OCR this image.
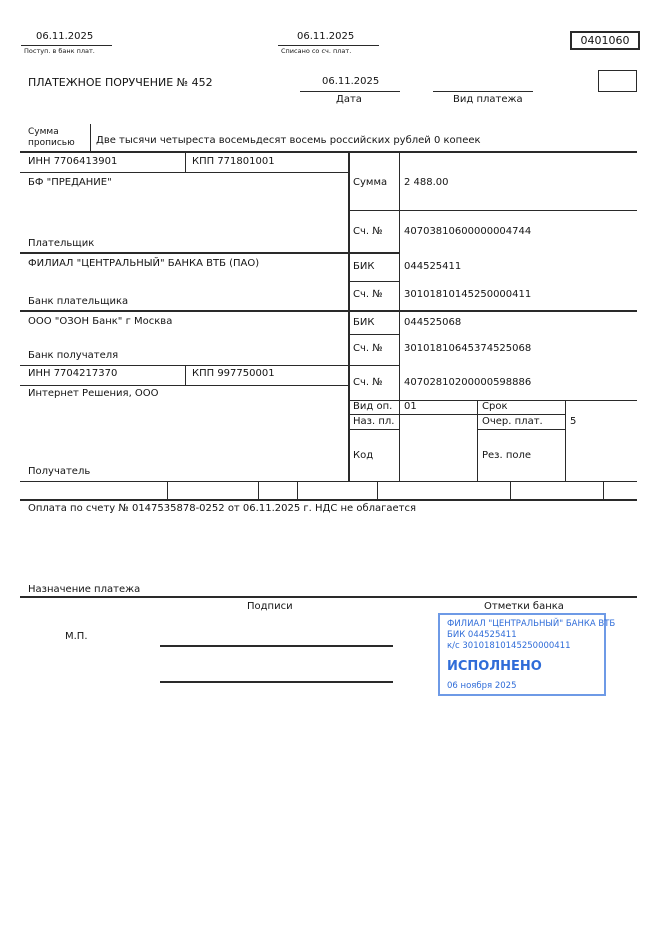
06.11.2025
Поступ. в банк плат.
06.11.2025
Списано со сч. плат.
0401060
ПЛАТЕЖНОЕ ПОРУЧЕНИЕ № 452	06.11.2025
Дата	Вид платежа
Сумма
прописью Две тысячи четыреста восемьдесят восемь российских рублей 0 копеек
ИНН 7706413901	КПП 771801001
БФ "ПРЕДАНИЕ"
Плательщик
Сумма 2 488.00
Сч. № 40703810600000004744
ФИЛИАЛ "ЦЕНТРАЛЬНЫЙ" БАНКА ВТБ (ПАО)
Банк плательщика
БИК	044525411
Сч. № 30101810145250000411
ООО "ОЗОН Банк" г Москва
Банк получателя
БИК	044525068
Сч. № 30101810645374525068
ИНН 7704217370	КПП 997750001
Интернет Решения, ООО
Получатель
Сч. № 40702810200000598886
Вид оп. 01	Срок
Наз. пл.	Очер. плат.	5
Код	Рез. поле
Оплата по счету № 0147535878-0252 от 06.11.2025 г. НДС не облагается
Назначение платежа
Подписи	Отметки банка
М.П.
ФИЛИАЛ "ЦЕНТРАЛЬНЫЙ" БАНКА ВТБ
БИК 044525411
к/с 30101810145250000411
ИСПОЛНЕНО
06 ноября 2025
